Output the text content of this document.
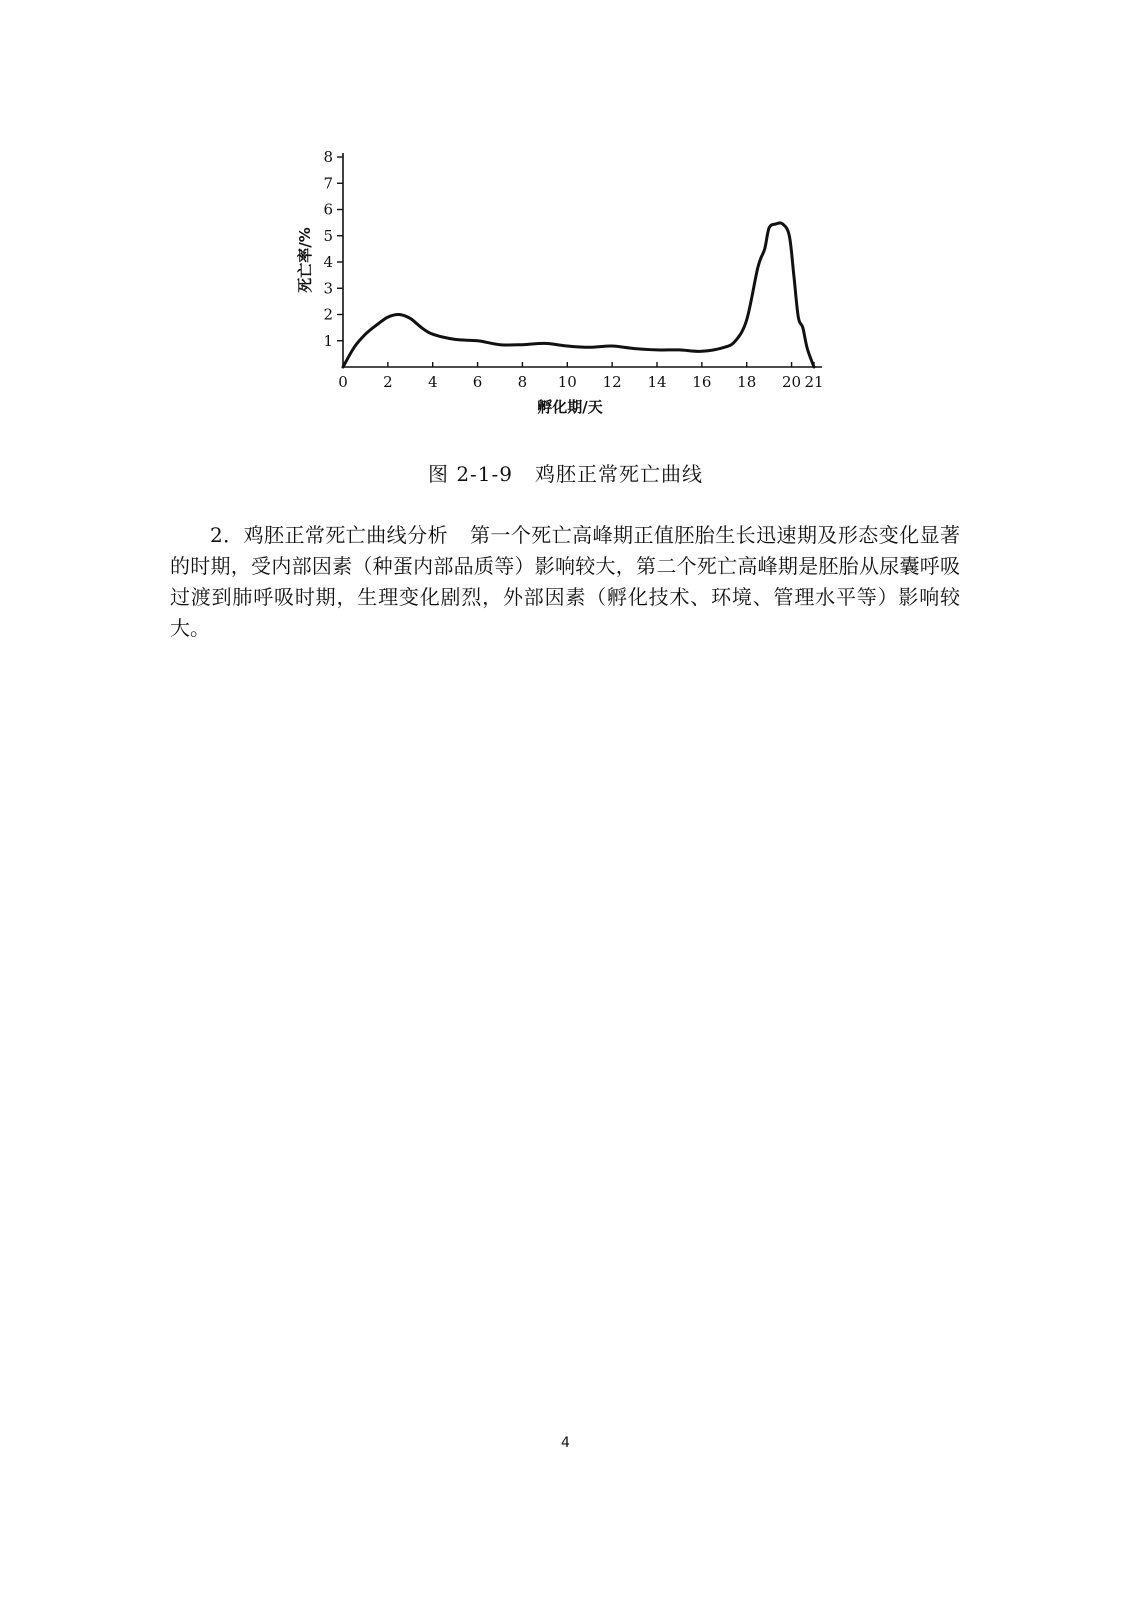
1
2
3
4
5
6
7
8
0 2 4 6 8 10 12 14 16 18 20 21
死亡率/%
孵化期/天
图 2-1-9 鸡胚正常死亡曲线

2．鸡胚正常死亡曲线分析 第一个死亡高峰期正值胚胎生长迅速期及形态变化显著的时期，受内部因素（种蛋内部品质等）影响较大，第二个死亡高峰期是胚胎从尿囊呼吸过渡到肺呼吸时期，生理变化剧烈，外部因素（孵化技术、环境、管理水平等）影响较大。

4
